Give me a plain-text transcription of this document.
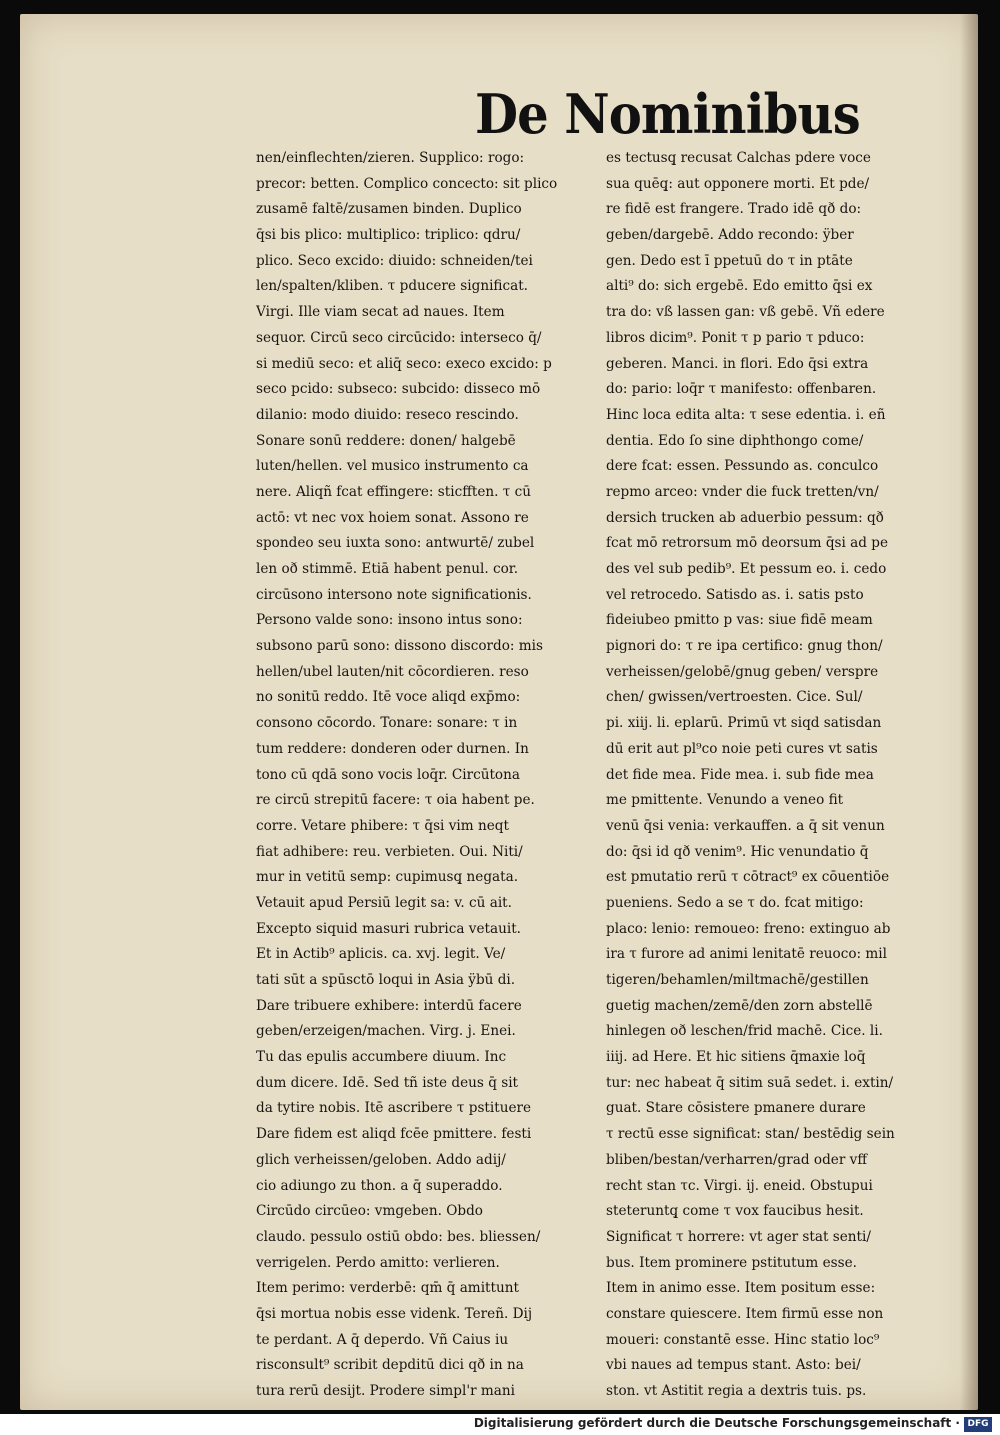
De Nominibus
nen/einflechten/zieren. Supplico: rogo:
precor: betten. Complico concecto: sit plico
zusamē faltē/zusamen binden. Duplico
q̄si bis plico: multiplico: triplico: qdru/
plico. Seco excido: diuido: schneiden/tei
len/spalten/kliben. τ pducere significat.
Virgi. Ille viam secat ad naues. Item
sequor. Circū seco circūcido: interseco q̄/
si mediū seco: et aliq̄ seco: execo excido: p
seco pcido: subseco: subcido: disseco mō
dilanio: modo diuido: reseco rescindo.
Sonare sonū reddere: donen/ halgebē
luten/hellen. vel musico instrumento ca
nere. Aliqñ fcat effingere: sticfften. τ cū
actō: vt nec vox hoiem sonat. Assono re
spondeo seu iuxta sono: antwurtē/ zubel
len oð stimmē. Etiā habent penul. cor.
circūsono intersono note significationis.
Persono valde sono: insono intus sono:
subsono parū sono: dissono discordo: mis
hellen/ubel lauten/nit cōcordieren. reso
no sonitū reddo. Itē voce aliqd exp̄mo:
consono cōcordo. Tonare: sonare: τ in
tum reddere: donderen oder durnen. In
tono cū qdā sono vocis loq̄r. Circūtona
re circū strepitū facere: τ oia habent pe.
corre. Vetare phibere: τ q̄si vim neqt
fiat adhibere: reu. verbieten. Oui. Niti/
mur in vetitū semp: cupimusq̧ negata.
Vetauit apud Persiū legit sa: v. cū ait.
Excepto siquid masuri rubrica vetauit.
Et in Actib⁹ aplicis. ca. xvj. legit. Ve/
tati sūt a spūsctō loqui in Asia ÿbū di.
Dare tribuere exhibere: interdū facere
geben/erzeigen/machen. Virg. j. Enei.
Tu das epulis accumbere diuum. Inc
dum dicere. Idē. Sed tñ iste deus q̄ sit
da tytire nobis. Itē ascribere τ pstituere
Dare fidem est aliqd fcēe pmittere. festi
glich verheissen/geloben. Addo adij/
cio adiungo zu thon. a q̄ superaddo.
Circūdo circūeo: vmgeben. Obdo
claudo. pessulo ostiū obdo: bes. bliessen/
verrigelen. Perdo amitto: verlieren.
Item perimo: verderbē: qm̄ q̄ amittunt
q̄si mortua nobis esse videnk. Tereñ. Dij
te perdant. A q̄ deperdo. Vñ Caius iu
risconsult⁹ scribit depditū dici qð in na
tura rerū desijt. Prodere simpl'r mani
es tectusq̧ recusat Calchas pdere voce
sua quēq̧: aut opponere morti. Et pde/
re fidē est frangere. Trado idē qð do:
geben/dargebē. Addo recondo: ÿber
gen. Dedo est ī ppetuū do τ in ptāte
alti⁹ do: sich ergebē. Edo emitto q̄si ex
tra do: vß lassen gan: vß gebē. Vñ edere
libros dicim⁹. Ponit τ p pario τ pduco:
geberen. Manci. in flori. Edo q̄si extra
do: pario: loq̄r τ manifesto: offenbaren.
Hinc loca edita alta: τ sese edentia. i. eñ
dentia. Edo ſo sine diphthongo come/
dere fcat: essen. Pessundo as. conculco
repmo arceo: vnder die fuck tretten/vn/
dersich trucken ab aduerbio pessum: qð
fcat mō retrorsum mō deorsum q̄si ad pe
des vel sub pedib⁹. Et pessum eo. i. cedo
vel retrocedo. Satisdo as. i. satis psto
fideiubeo pmitto p vas: siue fidē meam
pignori do: τ re ipa certifico: gnug thon/
verheissen/gelobē/gnug geben/ verspre
chen/ gwissen/vertroesten. Cice. Sul/
pi. xiij. li. eplarū. Primū vt siqd satisdan
dū erit aut pl⁹co noie peti cures vt satis
det fide mea. Fide mea. i. sub fide mea
me pmittente. Venundo a veneo fit
venū q̄si venia: verkauffen. a q̄ sit venun
do: q̄si id qð venim⁹. Hic venundatio q̄
est pmutatio rerū τ cōtract⁹ ex cōuentiōe
pueniens. Sedo a se τ do. fcat mitigo:
placo: lenio: remoueo: freno: extinguo ab
ira τ furore ad animi lenitatē reuoco: mil
tigeren/behamlen/miltmachē/gestillen
guetig machen/zemē/den zorn abstellē
hinlegen oð leschen/frid machē. Cice. li.
iiij. ad Here. Et hic sitiens q̄maxie loq̄
tur: nec habeat q̄ sitim suā sedet. i. extin/
guat. Stare cōsistere pmanere durare
τ rectū esse significat: stan/ bestēdig sein
bliben/bestan/verharren/grad oder vff
recht stan τc. Virgi. ij. eneid. Obstupui
steteruntq̧ come τ vox faucibus hesit.
Significat τ horrere: vt ager stat senti/
bus. Item prominere pstitutum esse.
Item in animo esse. Item positum esse:
constare quiescere. Item firmū esse non
moueri: constantē esse. Hinc statio loc⁹
vbi naues ad tempus stant. Asto: bei/
ston. vt Astitit regia a dextris tuis. ps.
Digitalisierung gefördert durch die Deutsche Forschungsgemeinschaft · DFG
